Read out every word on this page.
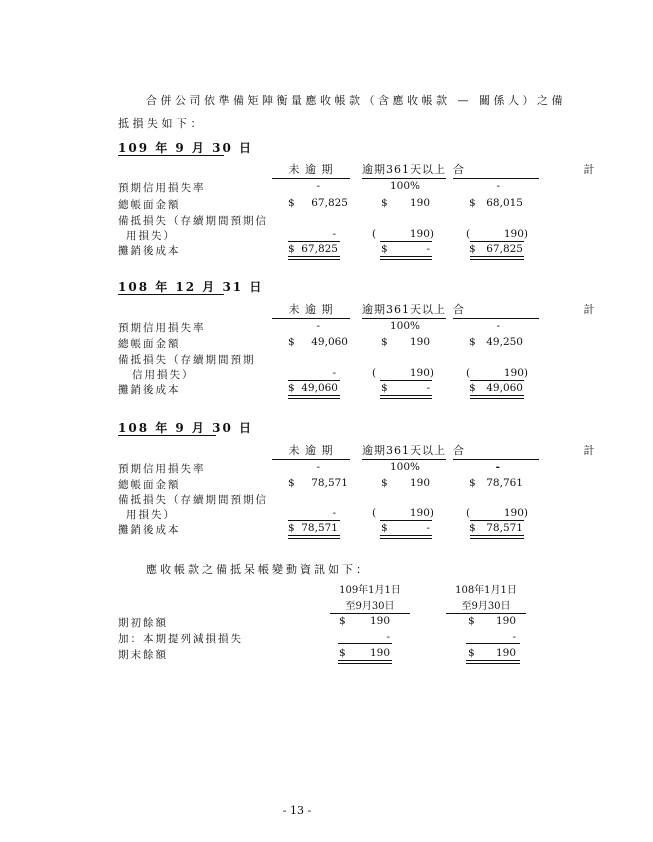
合併公司依準備矩陣衡量應收帳款（含應收帳款 — 關係人）之備
抵損失如下：
109 年 9 月 30 日
未 逾 期	逾期361天以上 合 計
預期信用損失率	-	100%	-
總帳面金額	$	67,825	$	190	$	68,015
備抵損失（存續期間預期信
用損失）	-	(	190)	(	190)
攤銷後成本	$ 67,825	$	-	$	67,825
108 年 12 月 31 日
未 逾 期	逾期361天以上 合 計
預期信用損失率	-	100%	-
總帳面金額	$	49,060	$	190	$	49,250
備抵損失（存續期間預期
信用損失）	-	(	190)	(	190)
攤銷後成本	$ 49,060	$	-	$	49,060
108 年 9 月 30 日
未 逾 期	逾期361天以上 合 計
預期信用損失率	-	100%	-
總帳面金額	$	78,571	$	190	$	78,761
備抵損失（存續期間預期信
用損失）	-	(	190)	(	190)
攤銷後成本	$ 78,571	$	-	$	78,571
應收帳款之備抵呆帳變動資訊如下：
109年1月1日
至9月30日
108年1月1日
至9月30日
期初餘額	$	190	$	190
加：本期提列減損損失	-	-
期末餘額	$	190	$	190
- 13 -
